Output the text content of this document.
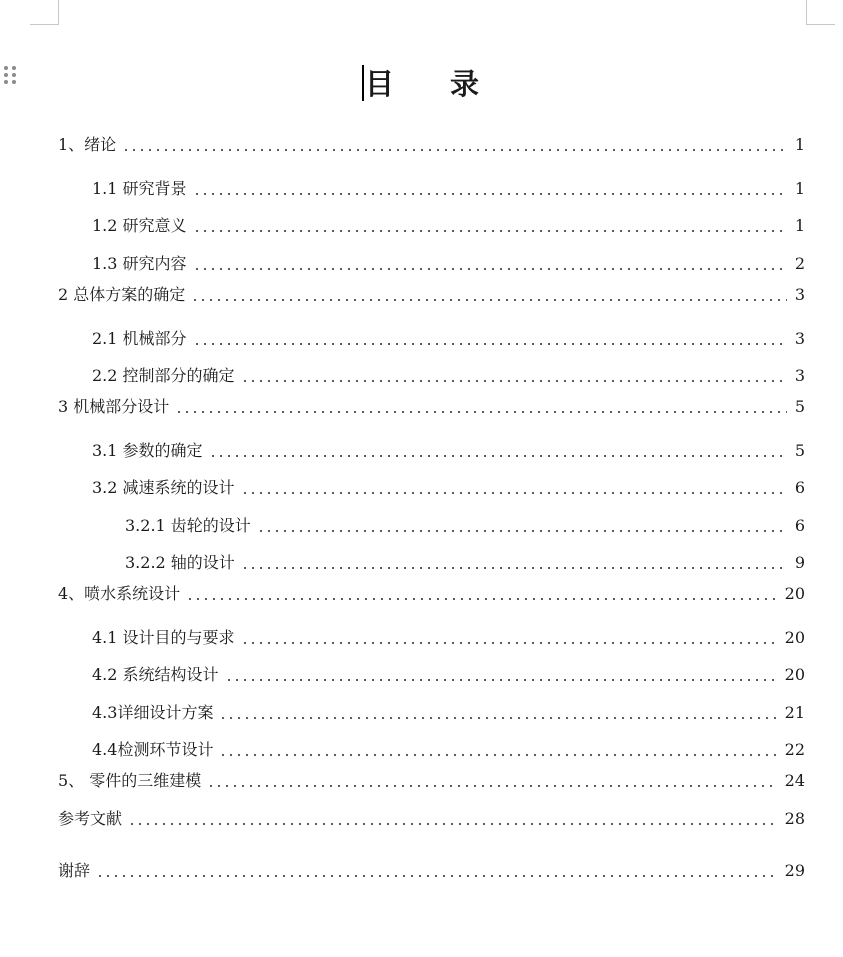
目 录
1、绪论	1
1.1 研究背景	1
1.2 研究意义	1
1.3 研究内容	2
2 总体方案的确定	3
2.1 机械部分	3
2.2 控制部分的确定	3
3 机械部分设计	5
3.1 参数的确定	5
3.2 减速系统的设计	6
3.2.1 齿轮的设计	6
3.2.2 轴的设计	9
4、喷水系统设计	20
4.1 设计目的与要求	20
4.2 系统结构设计	20
4.3详细设计方案	21
4.4检测环节设计	22
5、 零件的三维建模	24
参考文献	28
谢辞	29
